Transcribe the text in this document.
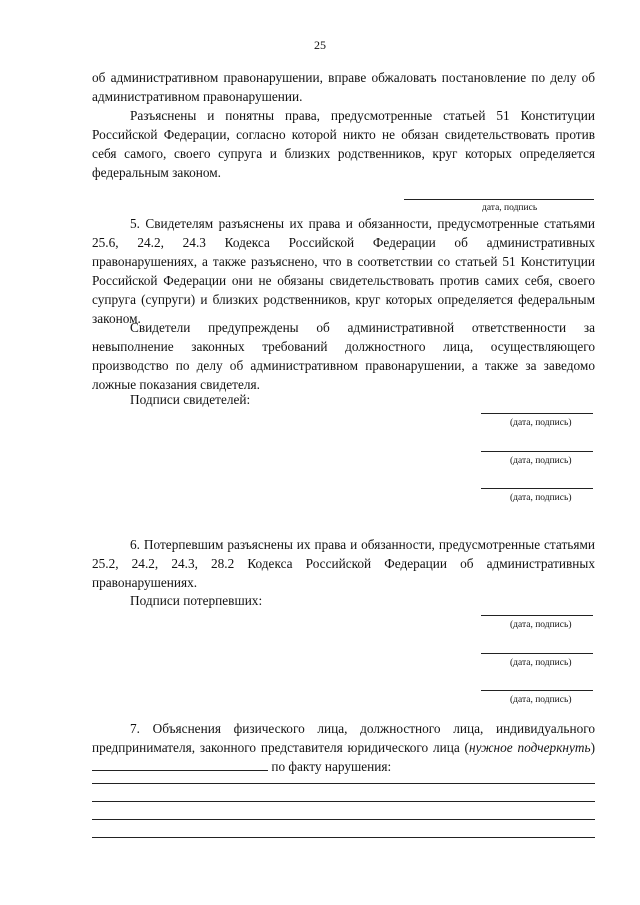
25

об административном правонарушении, вправе обжаловать постановление по делу об административном правонарушении.

Разъяснены и понятны права, предусмотренные статьей 51 Конституции Российской Федерации, согласно которой никто не обязан свидетельствовать против себя самого, своего супруга и близких родственников, круг которых определяется федеральным законом.

дата, подпись

5. Свидетелям разъяснены их права и обязанности, предусмотренные статьями 25.6, 24.2, 24.3 Кодекса Российской Федерации об административных правонарушениях, а также разъяснено, что в соответствии со статьей 51 Конституции Российской Федерации они не обязаны свидетельствовать против самих себя, своего супруга (супруги) и близких родственников, круг которых определяется федеральным законом.

Свидетели предупреждены об административной ответственности за невыполнение законных требований должностного лица, осуществляющего производство по делу об административном правонарушении, а также за заведомо ложные показания свидетеля.

Подписи свидетелей:

(дата, подпись)
(дата, подпись)
(дата, подпись)

6. Потерпевшим разъяснены их права и обязанности, предусмотренные статьями 25.2, 24.2, 24.3, 28.2 Кодекса Российской Федерации об административных правонарушениях.

Подписи потерпевших:

(дата, подпись)
(дата, подпись)
(дата, подпись)

7. Объяснения физического лица, должностного лица, индивидуального предпринимателя, законного представителя юридического лица (нужное подчеркнуть)  по факту нарушения:
